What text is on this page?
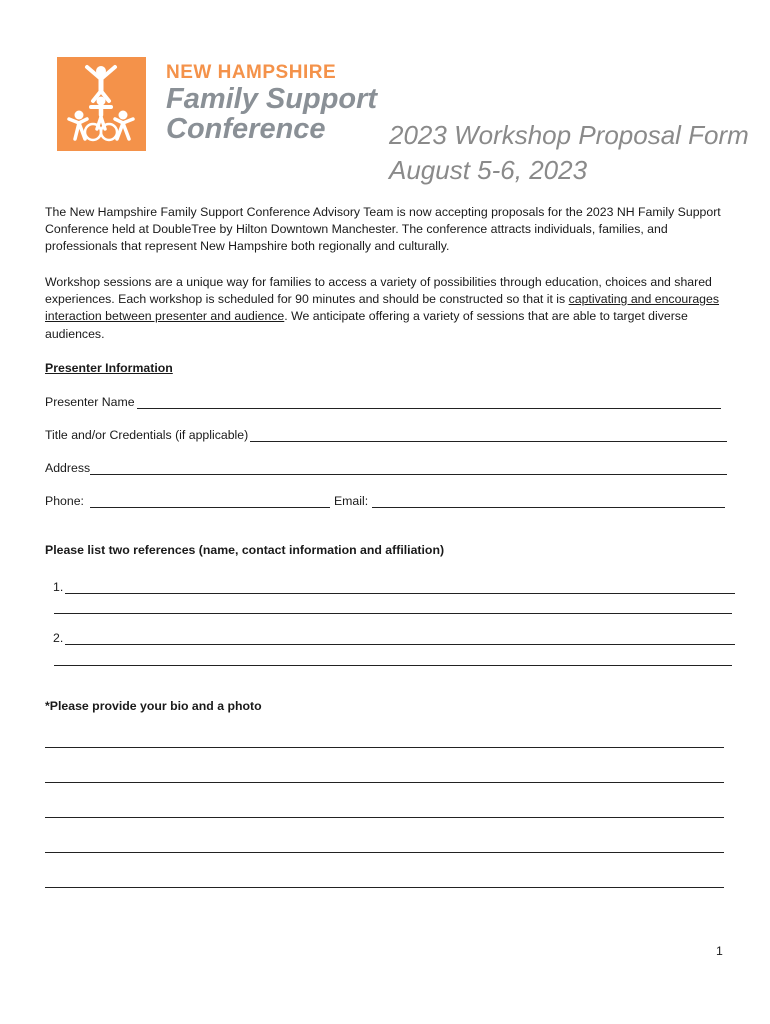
NEW HAMPSHIRE
Family Support
Conference	2023 Workshop Proposal Form
August 5-6, 2023
The New Hampshire Family Support Conference Advisory Team is now accepting proposals for the 2023 NH Family Support Conference held at DoubleTree by Hilton Downtown Manchester. The conference attracts individuals, families, and professionals that represent New Hampshire both regionally and culturally.
Workshop sessions are a unique way for families to access a variety of possibilities through education, choices and shared experiences. Each workshop is scheduled for 90 minutes and should be constructed so that it is captivating and encourages interaction between presenter and audience. We anticipate offering a variety of sessions that are able to target diverse audiences.
Presenter Information
Presenter Name
Title and/or Credentials (if applicable)
Address
Phone:	Email:
Please list two references (name, contact information and affiliation)
1.
2.
*Please provide your bio and a photo
1
